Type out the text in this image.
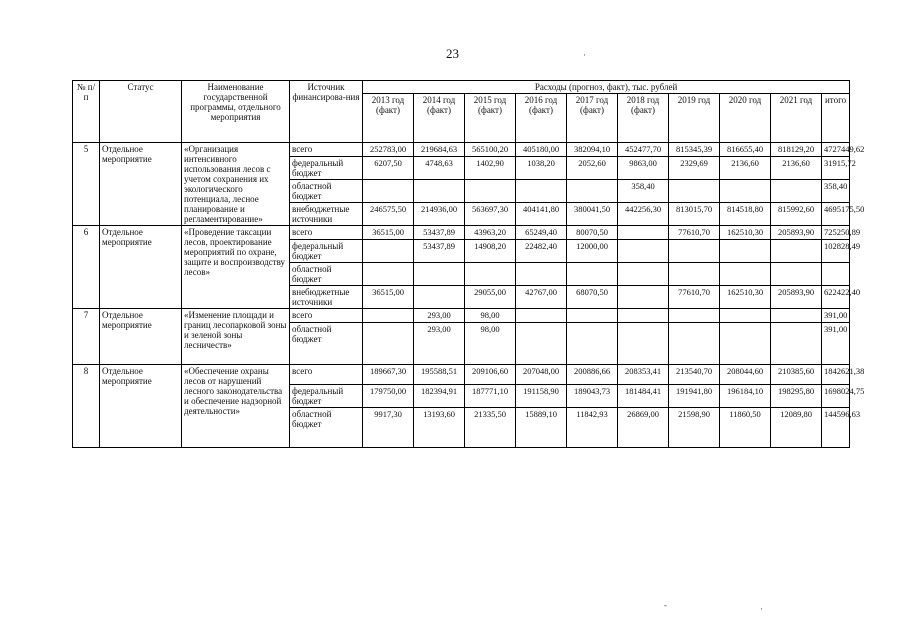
23
№ п/п	Статус	Наименование государственной программы, отдельного мероприятия	Источник финансирова-ния	Расходы (прогноз, факт), тыс. рублей									
				2013 год (факт)	2014 год (факт)	2015 год (факт)	2016 год (факт)	2017 год (факт)	2018 год (факт)	2019 год	2020 год	2021 год	итого
5	Отдельное мероприятие	«Организация интенсивного использования лесов с учетом сохранения их экологического потенциала, лесное планирование и регламентирование»	всего	252783,00	219684,63	565100,20	405180,00	382094,10	452477,70	815345,39	816655,40	818129,20	4727449,62
			федеральный бюджет	6207,50	4748,63	1402,90	1038,20	2052,60	9863,00	2329,69	2136,60	2136,60	31915,72
			областной бюджет						358,40				358,40
			внебюджетные источники	246575,50	214936,00	563697,30	404141,80	380041,50	442256,30	813015,70	814518,80	815992,60	4695175,50
6	Отдельное мероприятие	«Проведение таксации лесов, проектирование мероприятий по охране, защите и воспроизводству лесов»	всего	36515,00	53437,89	43963,20	65249,40	80070,50		77610,70	162510,30	205893,90	725250,89
			федеральный бюджет		53437,89	14908,20	22482,40	12000,00					102828,49
			областной бюджет										
			внебюджетные источники	36515,00		29055,00	42767,00	68070,50		77610,70	162510,30	205893,90	622422,40
7	Отдельное мероприятие	«Изменение площади и границ лесопарковой зоны и зеленой зоны лесничеств»	всего		293,00	98,00							391,00
			областной бюджет		293,00	98,00							391,00
8	Отдельное мероприятие	«Обеспечение охраны лесов от нарушений лесного законодательства и обеспечение надзорной деятельности»	всего	189667,30	195588,51	209106,60	207048,00	200886,66	208353,41	213540,70	208044,60	210385,60	1842621,38
			федеральный бюджет	179750,00	182394,91	187771,10	191158,90	189043,73	181484,41	191941,80	196184,10	198295,80	1698024,75
			областной бюджет	9917,30	13193,60	21335,50	15889,10	11842,93	26869,00	21598,90	11860,50	12089,80	144596,63
·
-	·
